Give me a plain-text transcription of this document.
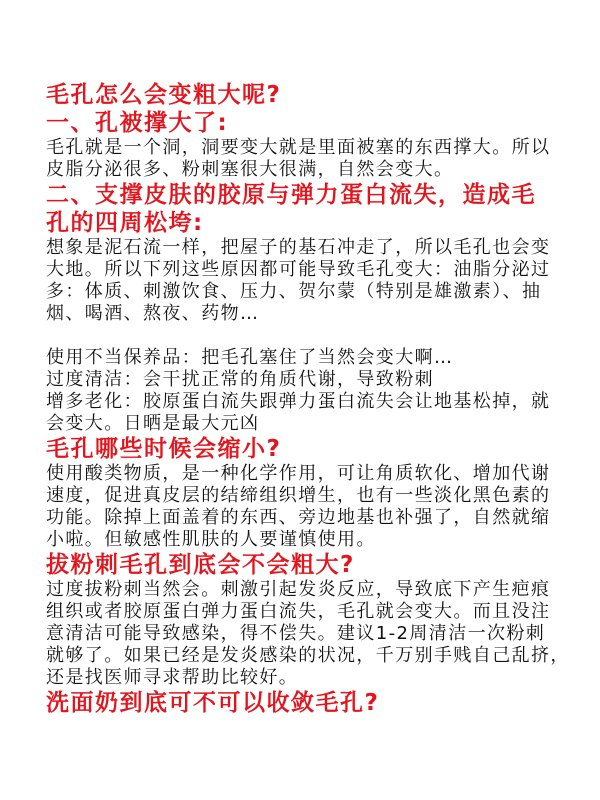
毛孔怎么会变粗大呢?
一、孔被撑大了:
毛孔就是一个洞，洞要变大就是里面被塞的东西撑大。所以
皮脂分泌很多、粉刺塞很大很满，自然会变大。
二、支撑皮肤的胶原与弹力蛋白流失，造成毛
孔的四周松垮:
想象是泥石流一样，把屋子的基石冲走了，所以毛孔也会变
大地。所以下列这些原因都可能导致毛孔变大：油脂分泌过
多：体质、刺激饮食、压力、贺尔蒙（特别是雄激素）、抽
烟、喝酒、熬夜、药物…
使用不当保养品：把毛孔塞住了当然会变大啊…
过度清洁：会干扰正常的角质代谢，导致粉刺
增多老化：胶原蛋白流失跟弹力蛋白流失会让地基松掉，就
会变大。日晒是最大元凶
毛孔哪些时候会缩小?
使用酸类物质，是一种化学作用，可让角质软化、增加代谢
速度，促进真皮层的结缔组织增生，也有一些淡化黑色素的
功能。除掉上面盖着的东西、旁边地基也补强了，自然就缩
小啦。但敏感性肌肤的人要谨慎使用。
拔粉刺毛孔到底会不会粗大?
过度拔粉刺当然会。刺激引起发炎反应，导致底下产生疤痕
组织或者胶原蛋白弹力蛋白流失，毛孔就会变大。而且没注
意清洁可能导致感染，得不偿失。建议1-2周清洁一次粉刺
就够了。如果已经是发炎感染的状况，千万别手贱自己乱挤，
还是找医师寻求帮助比较好。
洗面奶到底可不可以收敛毛孔?
